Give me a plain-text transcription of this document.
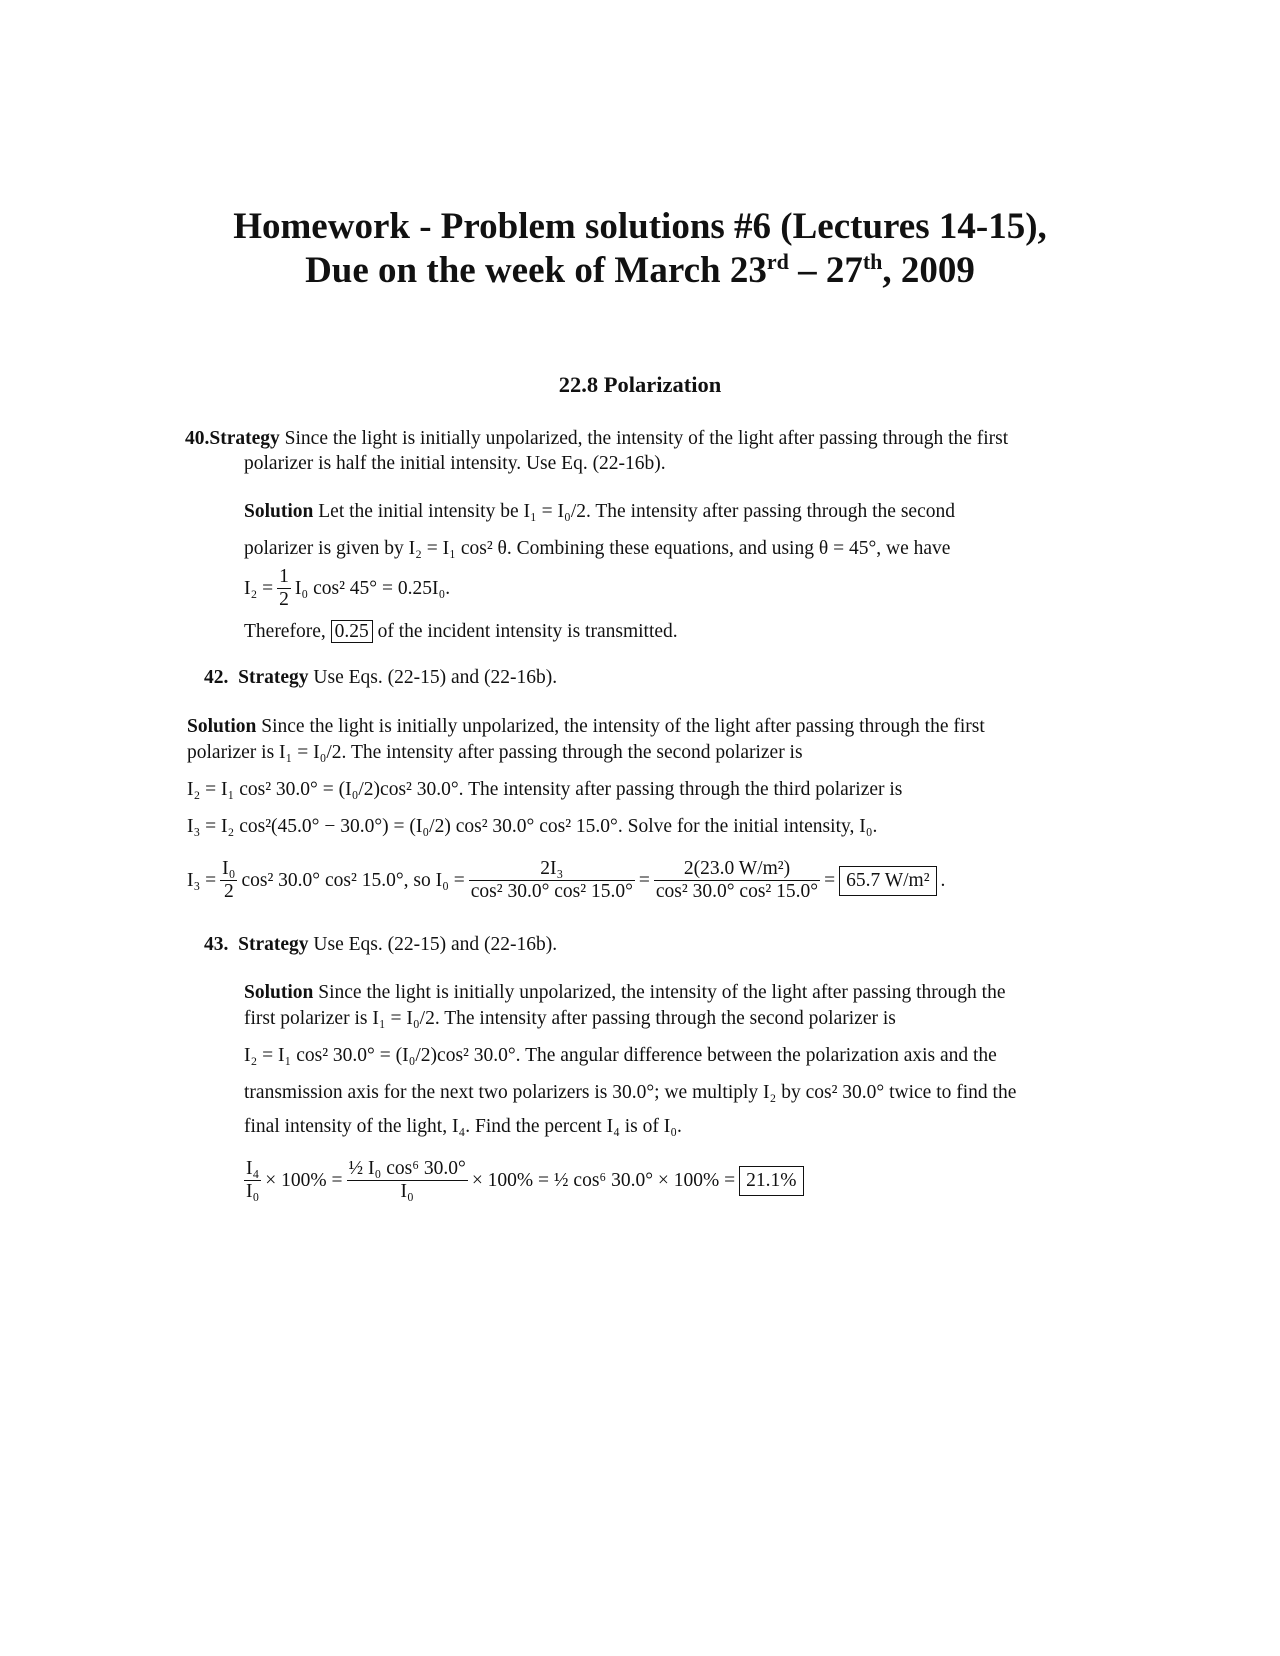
Homework - Problem solutions #6 (Lectures 14-15),
Due on the week of March 23rd – 27th, 2009
22.8 Polarization
40.Strategy Since the light is initially unpolarized, the intensity of the light after passing through the first
polarizer is half the initial intensity. Use Eq. (22-16b).
Solution Let the initial intensity be I₁ = I₀/2. The intensity after passing through the second
polarizer is given by I₂ = I₁ cos² θ. Combining these equations, and using θ = 45°, we have
$I_2 = \frac{1}{2} I_0$ cos² 45° = 0.25I₀.
Therefore, 0.25 of the incident intensity is transmitted.
42. Strategy Use Eqs. (22-15) and (22-16b).
Solution Since the light is initially unpolarized, the intensity of the light after passing through the first
polarizer is I₁ = I₀/2. The intensity after passing through the second polarizer is
I₂ = I₁ cos² 30.0° = (I₀/2)cos² 30.0°. The intensity after passing through the third polarizer is
I₃ = I₂ cos²(45.0° − 30.0°) = (I₀/2) cos² 30.0° cos² 15.0°. Solve for the initial intensity, I₀.
$I_3 = \frac{\text{I₀}}{2} \cos^2$ 30.0° cos² 15.0°, so $I_0 = \frac{\text{2I₃}}{\text{cos² 30.0° cos² 15.0°}} = \frac{\text{2(23.0 W/m²)}}{\text{cos² 30.0° cos² 15.0°}} = 65.7$ W/m² .
43. Strategy Use Eqs. (22-15) and (22-16b).
Solution Since the light is initially unpolarized, the intensity of the light after passing through the
first polarizer is I₁ = I₀/2. The intensity after passing through the second polarizer is
I₂ = I₁ cos² 30.0° = (I₀/2)cos² 30.0°. The angular difference between the polarization axis and the
transmission axis for the next two polarizers is 30.0°; we multiply I₂ by cos² 30.0° twice to find the
final intensity of the light, I₄. Find the percent I₄ is of I₀.
$\frac{\text{I₄}}{\text{I₀}} \times 100\% = \frac{\text{½ I₀ cos⁶ 30.0°}}{\text{I₀}} \times 100\%$ = ½ cos⁶ 30.0° × 100% = 21.1%
